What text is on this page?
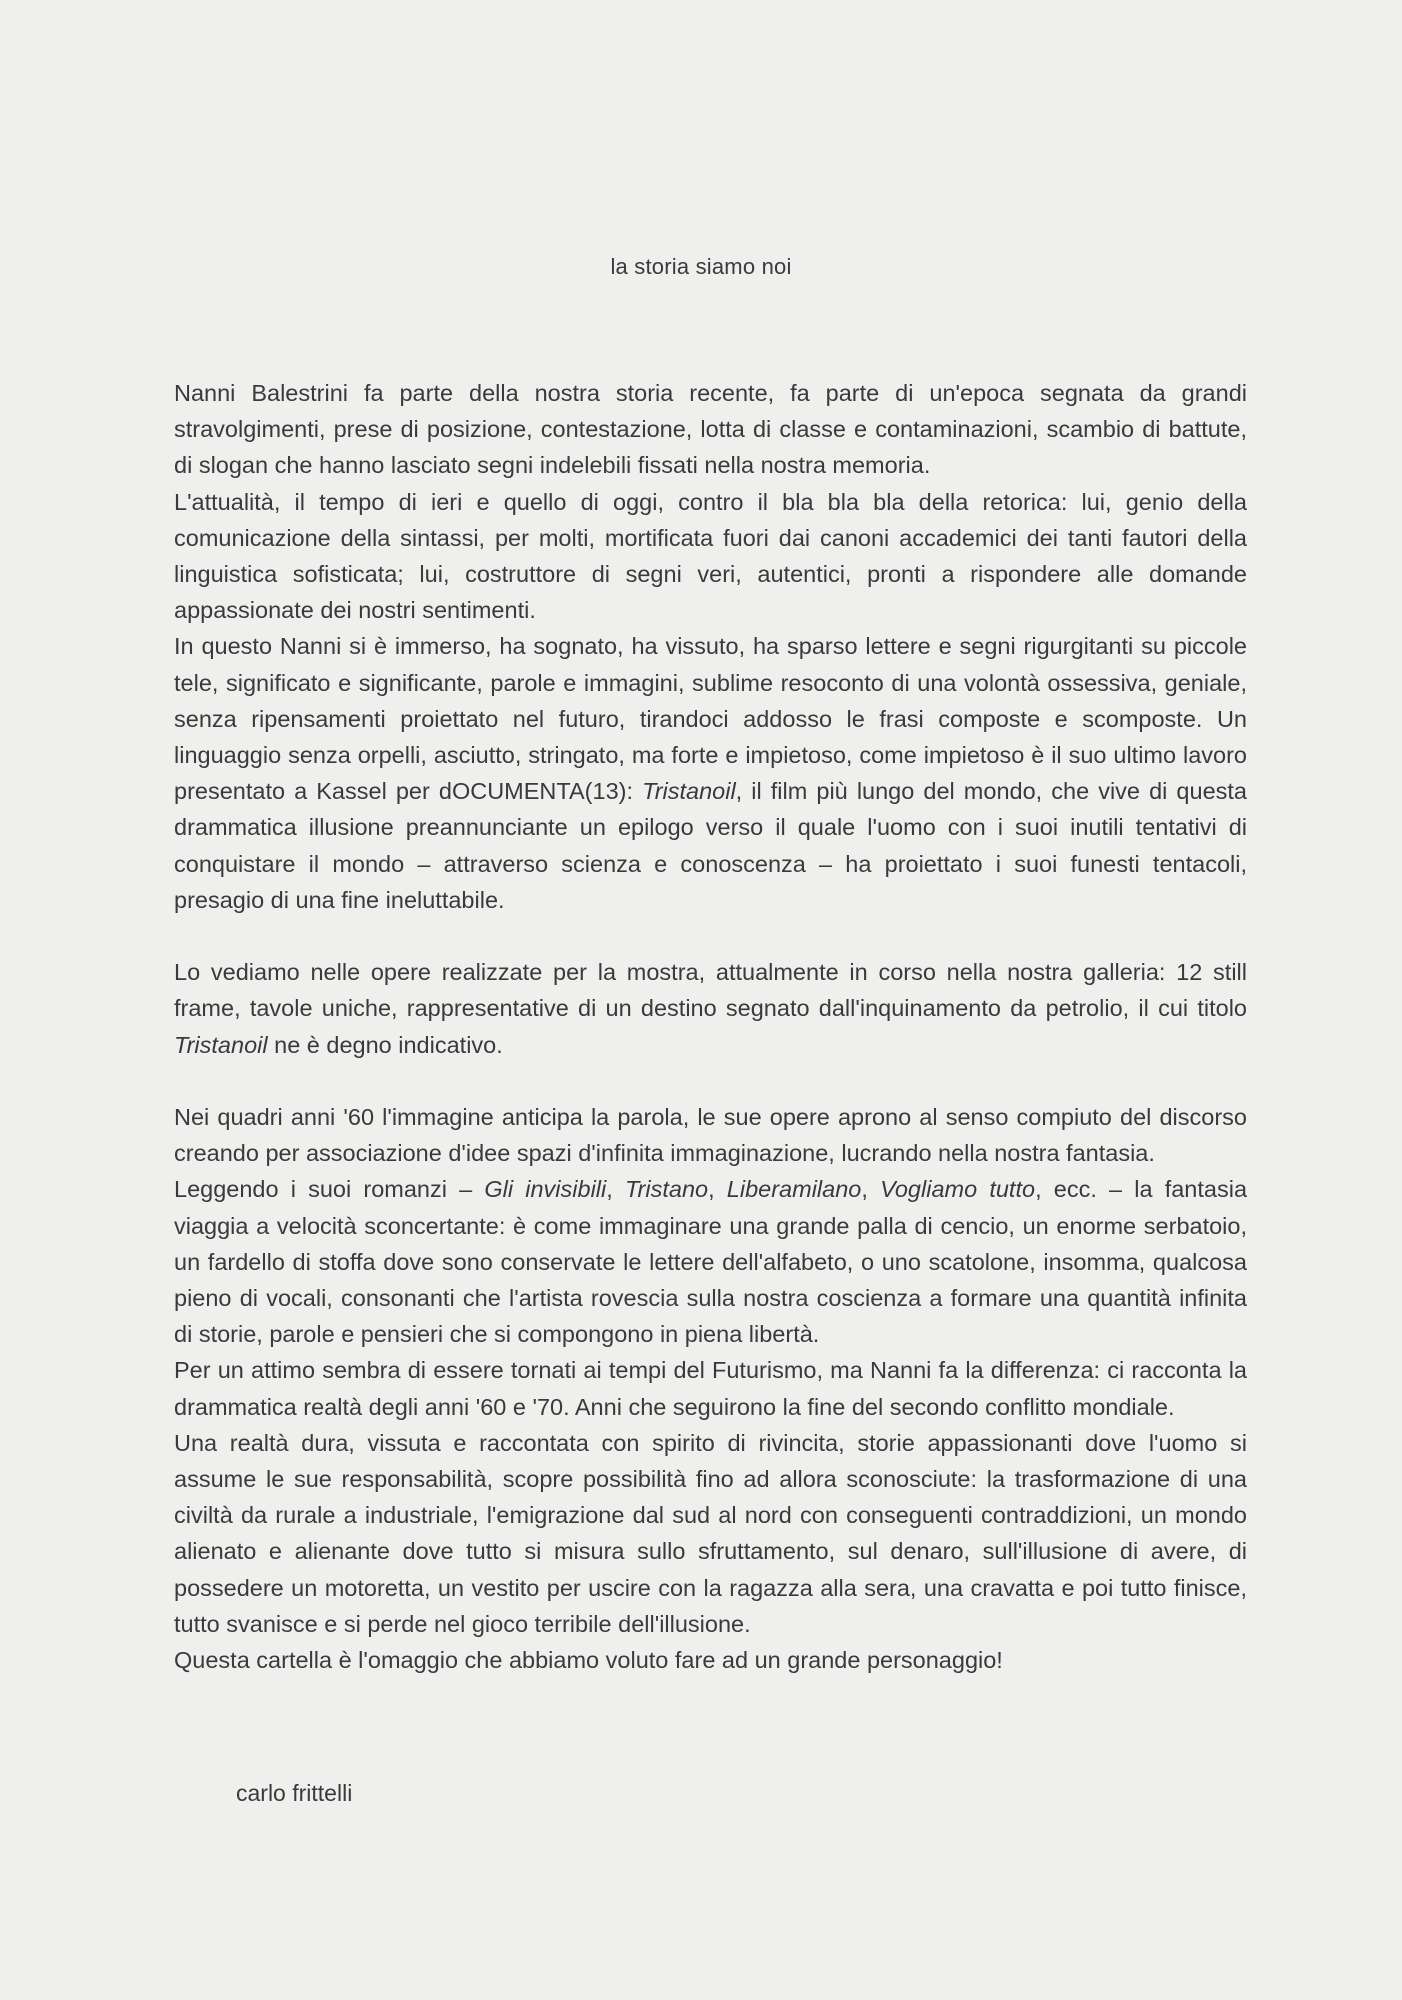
la storia siamo noi

Nanni Balestrini fa parte della nostra storia recente, fa parte di un'epoca segnata da grandi stravolgimenti, prese di posizione, contestazione, lotta di classe e contaminazioni, scambio di battute, di slogan che hanno lasciato segni indelebili fissati nella nostra memoria.

L'attualità, il tempo di ieri e quello di oggi, contro il bla bla bla della retorica: lui, genio della comunicazione della sintassi, per molti, mortificata fuori dai canoni accademici dei tanti fautori della linguistica sofisticata; lui, costruttore di segni veri, autentici, pronti a rispondere alle domande appassionate dei nostri sentimenti.

In questo Nanni si è immerso, ha sognato, ha vissuto, ha sparso lettere e segni rigurgitanti su piccole tele, significato e significante, parole e immagini, sublime resoconto di una volontà ossessiva, geniale, senza ripensamenti proiettato nel futuro, tirandoci addosso le frasi composte e scomposte. Un linguaggio senza orpelli, asciutto, stringato, ma forte e impietoso, come impietoso è il suo ultimo lavoro presentato a Kassel per dOCUMENTA(13): Tristanoil, il film più lungo del mondo, che vive di questa drammatica illusione preannunciante un epilogo verso il quale l'uomo con i suoi inutili tentativi di conquistare il mondo – attraverso scienza e conoscenza – ha proiettato i suoi funesti tentacoli, presagio di una fine ineluttabile.

Lo vediamo nelle opere realizzate per la mostra, attualmente in corso nella nostra galleria: 12 still frame, tavole uniche, rappresentative di un destino segnato dall'inquinamento da petrolio, il cui titolo Tristanoil ne è degno indicativo.

Nei quadri anni '60 l'immagine anticipa la parola, le sue opere aprono al senso compiuto del discorso creando per associazione d'idee spazi d'infinita immaginazione, lucrando nella nostra fantasia.

Leggendo i suoi romanzi – Gli invisibili, Tristano, Liberamilano, Vogliamo tutto, ecc. – la fantasia viaggia a velocità sconcertante: è come immaginare una grande palla di cencio, un enorme serbatoio, un fardello di stoffa dove sono conservate le lettere dell'alfabeto, o uno scatolone, insomma, qualcosa pieno di vocali, consonanti che l'artista rovescia sulla nostra coscienza a formare una quantità infinita di storie, parole e pensieri che si compongono in piena libertà.

Per un attimo sembra di essere tornati ai tempi del Futurismo, ma Nanni fa la differenza: ci racconta la drammatica realtà degli anni '60 e '70. Anni che seguirono la fine del secondo conflitto mondiale.

Una realtà dura, vissuta e raccontata con spirito di rivincita, storie appassionanti dove l'uomo si assume le sue responsabilità, scopre possibilità fino ad allora sconosciute: la trasformazione di una civiltà da rurale a industriale, l'emigrazione dal sud al nord con conseguenti contraddizioni, un mondo alienato e alienante dove tutto si misura sullo sfruttamento, sul denaro, sull'illusione di avere, di possedere un motoretta, un vestito per uscire con la ragazza alla sera, una cravatta e poi tutto finisce, tutto svanisce e si perde nel gioco terribile dell'illusione.

Questa cartella è l'omaggio che abbiamo voluto fare ad un grande personaggio!

carlo frittelli
